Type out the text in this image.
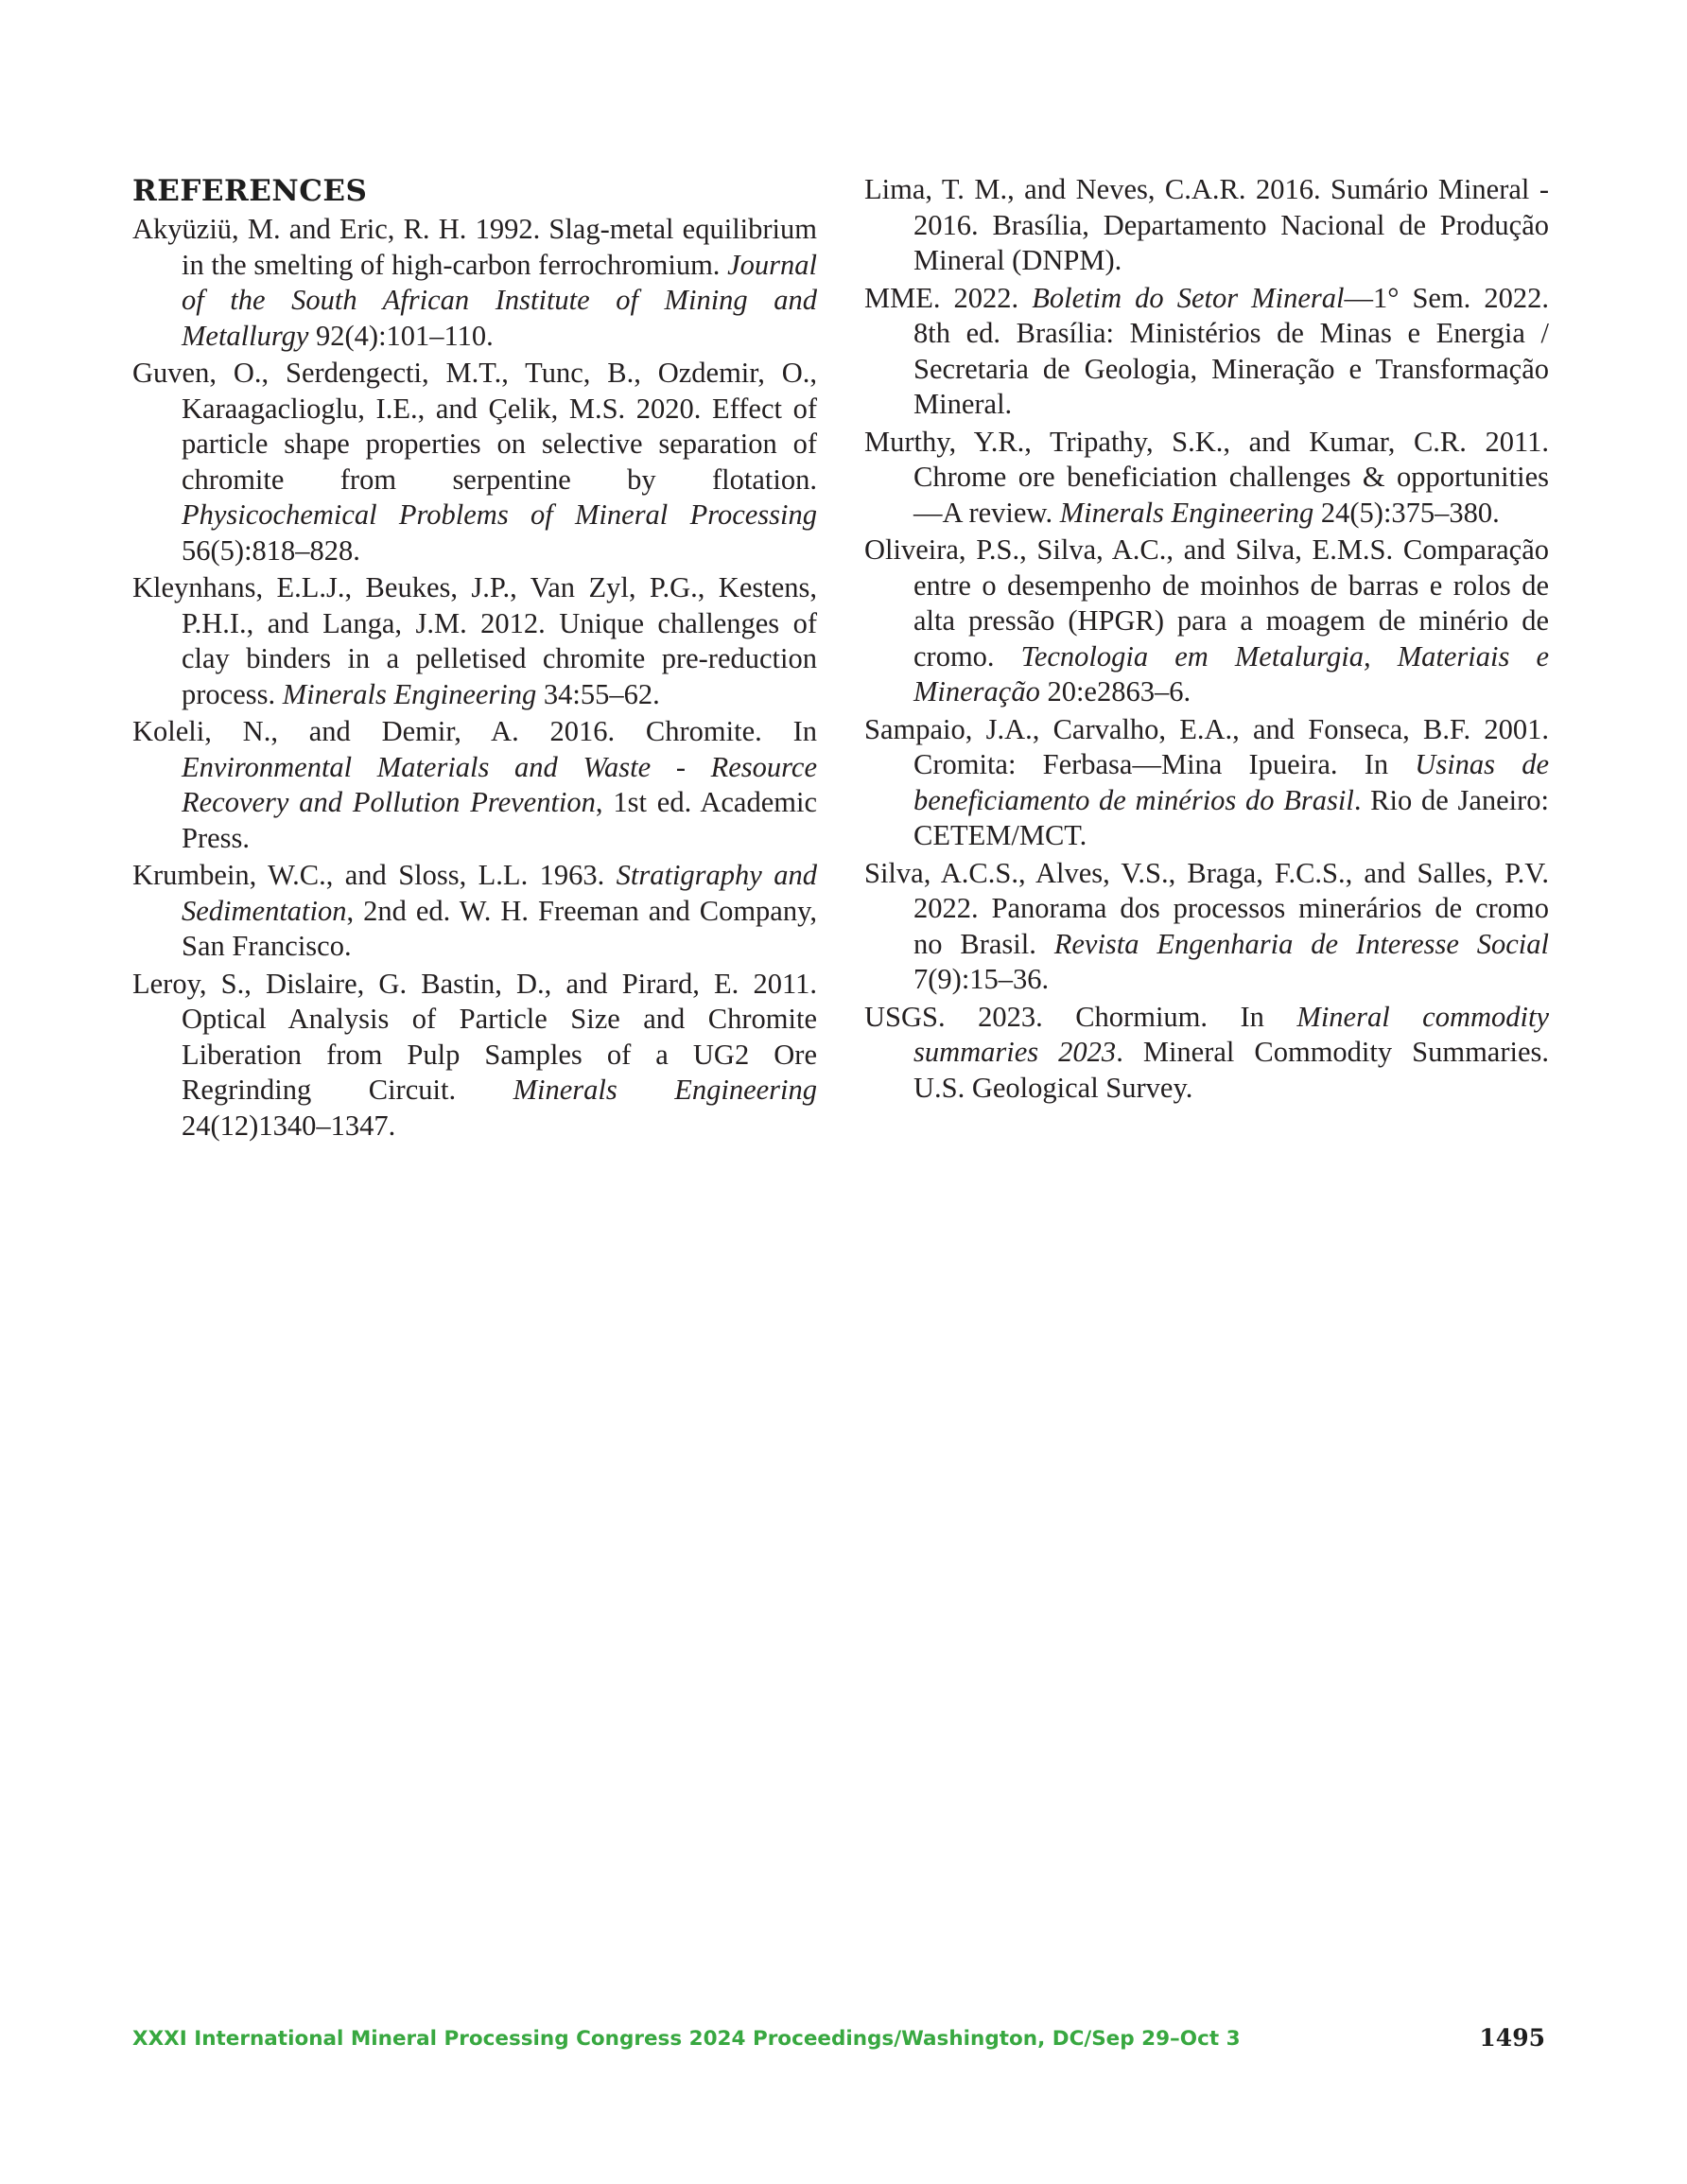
REFERENCES

Akyüziü, M. and Eric, R. H. 1992. Slag-metal equilibrium in the smelting of high-carbon ferrochromium. Journal of the South African Institute of Mining and Metallurgy 92(4):101–110.

Guven, O., Serdengecti, M.T., Tunc, B., Ozdemir, O., Karaagaclioglu, I.E., and Çelik, M.S. 2020. Effect of particle shape properties on selective separation of chromite from serpentine by flotation. Physicochemical Problems of Mineral Processing 56(5):818–828.

Kleynhans, E.L.J., Beukes, J.P., Van Zyl, P.G., Kestens, P.H.I., and Langa, J.M. 2012. Unique challenges of clay binders in a pelletised chromite pre-reduction process. Minerals Engineering 34:55–62.

Koleli, N., and Demir, A. 2016. Chromite. In Environmental Materials and Waste - Resource Recovery and Pollution Prevention, 1st ed. Academic Press.

Krumbein, W.C., and Sloss, L.L. 1963. Stratigraphy and Sedimentation, 2nd ed. W. H. Freeman and Company, San Francisco.

Leroy, S., Dislaire, G. Bastin, D., and Pirard, E. 2011. Optical Analysis of Particle Size and Chromite Liberation from Pulp Samples of a UG2 Ore Regrinding Circuit. Minerals Engineering 24(12)1340–1347.

Lima, T. M., and Neves, C.A.R. 2016. Sumário Mineral - 2016. Brasília, Departamento Nacional de Produção Mineral (DNPM).

MME. 2022. Boletim do Setor Mineral—1° Sem. 2022. 8th ed. Brasília: Ministérios de Minas e Energia / Secretaria de Geologia, Mineração e Transformação Mineral.

Murthy, Y.R., Tripathy, S.K., and Kumar, C.R. 2011. Chrome ore beneficiation challenges & opportunities—A review. Minerals Engineering 24(5):375–380.

Oliveira, P.S., Silva, A.C., and Silva, E.M.S. Comparação entre o desempenho de moinhos de barras e rolos de alta pressão (HPGR) para a moagem de minério de cromo. Tecnologia em Metalurgia, Materiais e Mineração 20:e2863–6.

Sampaio, J.A., Carvalho, E.A., and Fonseca, B.F. 2001. Cromita: Ferbasa—Mina Ipueira. In Usinas de beneficiamento de minérios do Brasil. Rio de Janeiro: CETEM/MCT.

Silva, A.C.S., Alves, V.S., Braga, F.C.S., and Salles, P.V. 2022. Panorama dos processos minerários de cromo no Brasil. Revista Engenharia de Interesse Social 7(9):15–36.

USGS. 2023. Chormium. In Mineral commodity summaries 2023. Mineral Commodity Summaries. U.S. Geological Survey.

XXXI International Mineral Processing Congress 2024 Proceedings/Washington, DC/Sep 29–Oct 3	1495
